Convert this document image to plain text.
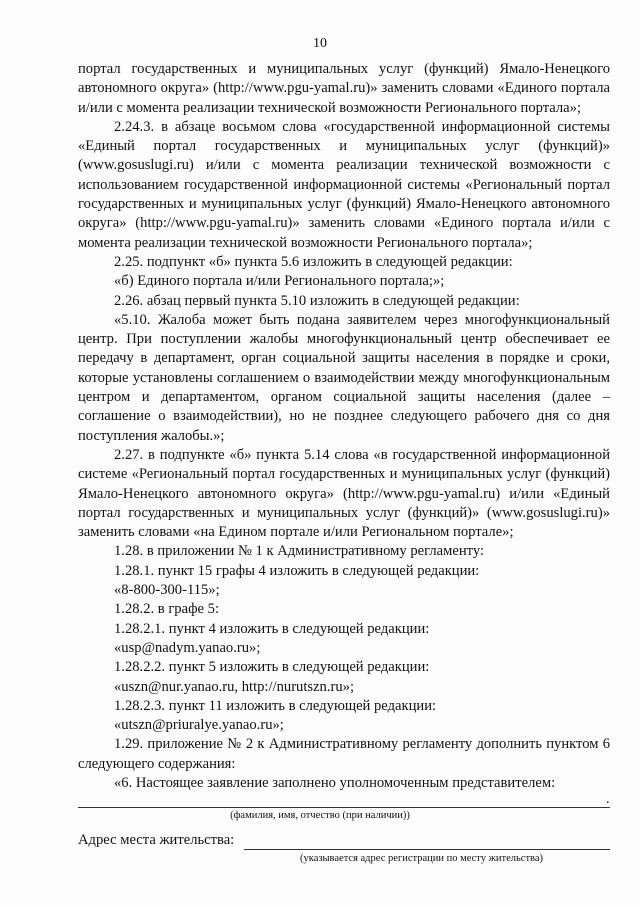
10

портал государственных и муниципальных услуг (функций) Ямало-Ненецкого автономного округа» (http://www.pgu-yamal.ru)» заменить словами «Единого портала и/или с момента реализации технической возможности Регионального портала»;

2.24.3. в абзаце восьмом слова «государственной информационной системы «Единый портал государственных и муниципальных услуг (функций)» (www.gosuslugi.ru) и/или с момента реализации технической возможности с использованием государственной информационной системы «Региональный портал государственных и муниципальных услуг (функций) Ямало-Ненецкого автономного округа» (http://www.pgu-yamal.ru)» заменить словами «Единого портала и/или с момента реализации технической возможности Регионального портала»;

2.25. подпункт «б» пункта 5.6 изложить в следующей редакции:

«б) Единого портала и/или Регионального портала;»;

2.26. абзац первый пункта 5.10 изложить в следующей редакции:

«5.10. Жалоба может быть подана заявителем через многофункциональный центр. При поступлении жалобы многофункциональный центр обеспечивает ее передачу в департамент, орган социальной защиты населения в порядке и сроки, которые установлены соглашением о взаимодействии между многофункциональным центром и департаментом, органом социальной защиты населения (далее – соглашение о взаимодействии), но не позднее следующего рабочего дня со дня поступления жалобы.»;

2.27. в подпункте «б» пункта 5.14 слова «в государственной информационной системе «Региональный портал государственных и муниципальных услуг (функций) Ямало-Ненецкого автономного округа» (http://www.pgu-yamal.ru) и/или «Единый портал государственных и муниципальных услуг (функций)» (www.gosuslugi.ru)» заменить словами «на Едином портале и/или Региональном портале»;

1.28. в приложении № 1 к Административному регламенту:

1.28.1. пункт 15 графы 4 изложить в следующей редакции:

«8-800-300-115»;

1.28.2. в графе 5:

1.28.2.1. пункт 4 изложить в следующей редакции:

«usp@nadym.yanao.ru»;

1.28.2.2. пункт 5 изложить в следующей редакции:

«uszn@nur.yanao.ru, http://nurutszn.ru»;

1.28.2.3. пункт 11 изложить в следующей редакции:

«utszn@priuralye.yanao.ru»;

1.29. приложение № 2 к Административному регламенту дополнить пунктом 6 следующего содержания:

«6. Настоящее заявление заполнено уполномоченным представителем:

.
(фамилия, имя, отчество (при наличии))
Адрес места жительства:
(указывается адрес регистрации по месту жительства)
